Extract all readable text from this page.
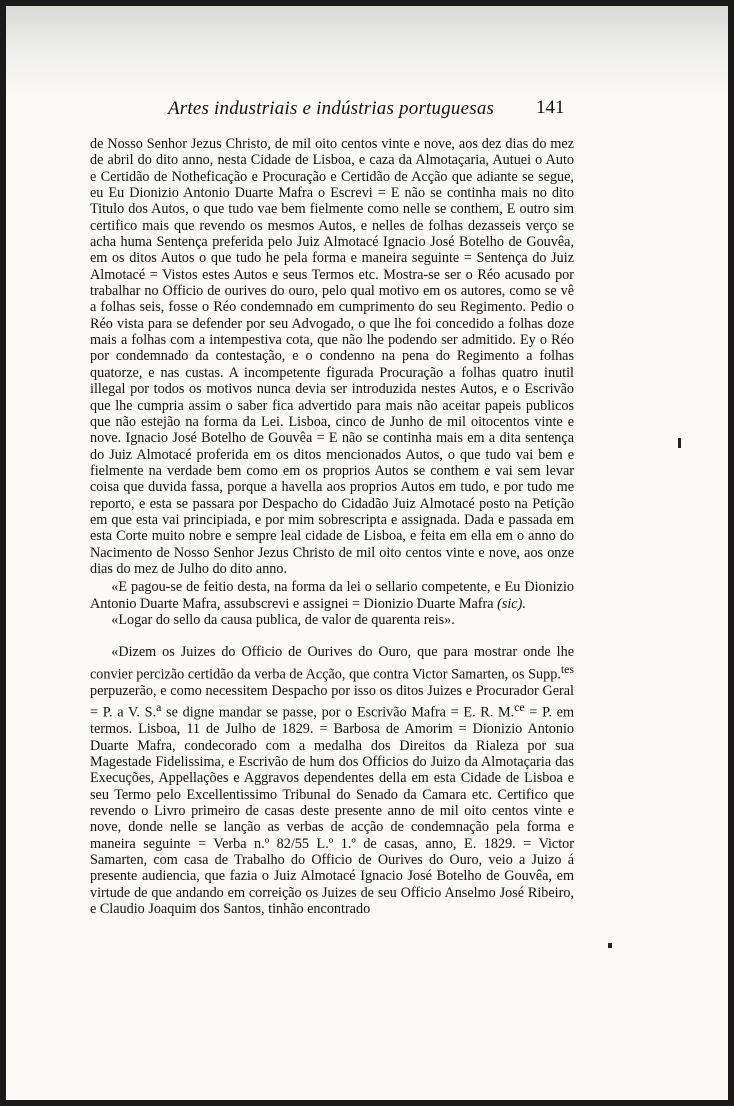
Artes industriais e indústrias portuguesas	141

de Nosso Senhor Jezus Christo, de mil oito centos vinte e nove, aos dez dias do mez de abril do dito anno, nesta Cidade de Lisboa, e caza da Almotaçaria, Autuei o Auto e Certidão de Notheficação e Procuração e Certidão de Acção que adiante se segue, eu Eu Dionizio Antonio Duarte Mafra o Escrevi = E não se continha mais no dito Titulo dos Autos, o que tudo vae bem fielmente como nelle se conthem, E outro sim certifico mais que revendo os mesmos Autos, e nelles de folhas dezasseis verço se acha huma Sentença preferida pelo Juiz Almotacé Ignacio José Botelho de Gouvêa, em os ditos Autos o que tudo he pela forma e maneira seguinte = Sentença do Juiz Almotacé = Vistos estes Autos e seus Termos etc. Mostra-se ser o Réo acusado por trabalhar no Officio de ourives do ouro, pelo qual motivo em os autores, como se vê a folhas seis, fosse o Réo condemnado em cumprimento do seu Regimento. Pedio o Réo vista para se defender por seu Advogado, o que lhe foi concedido a folhas doze mais a folhas com a intempestiva cota, que não lhe podendo ser admitido. Ey o Réo por condemnado da contestação, e o condenno na pena do Regimento a folhas quatorze, e nas custas. A incompetente figurada Procuração a folhas quatro inutil illegal por todos os motivos nunca devia ser introduzida nestes Autos, e o Escrivão que lhe cumpria assim o saber fica advertido para mais não aceitar papeis publicos que não estejão na forma da Lei. Lisboa, cinco de Junho de mil oitocentos vinte e nove. Ignacio José Botelho de Gouvêa = E não se continha mais em a dita sentença do Juiz Almotacé proferida em os ditos mencionados Autos, o que tudo vai bem e fielmente na verdade bem como em os proprios Autos se conthem e vai sem levar coisa que duvida fassa, porque a havella aos proprios Autos em tudo, e por tudo me reporto, e esta se passara por Despacho do Cidadão Juiz Almotacé posto na Petição em que esta vai principiada, e por mim sobrescripta e assignada. Dada e passada em esta Corte muito nobre e sempre leal cidade de Lisboa, e feita em ella em o anno do Nacimento de Nosso Senhor Jezus Christo de mil oito centos vinte e nove, aos onze dias do mez de Julho do dito anno.

«E pagou-se de feitio desta, na forma da lei o sellario competente, e Eu Dionizio Antonio Duarte Mafra, assubscrevi e assignei = Dionizio Duarte Mafra (sic).

«Logar do sello da causa publica, de valor de quarenta reis».

«Dizem os Juizes do Officio de Ourives do Ouro, que para mostrar onde lhe convier percizão certidão da verba de Acção, que contra Victor Samarten, os Supp.$^{tes}$ perpuzerão, e como necessitem Despacho por isso os ditos Juizes e Procurador Geral = P. a V. S.$^a$ se digne mandar se passe, por o Escrivão Mafra = E. R. M.$^{ce}$ = P. em termos. Lisboa, 11 de Julho de 1829. = Barbosa de Amorim = Dionizio Antonio Duarte Mafra, condecorado com a medalha dos Direitos da Rialeza por sua Magestade Fidelissima, e Escrivão de hum dos Officios do Juizo da Almotaçaria das Execuções, Appellações e Aggravos dependentes della em esta Cidade de Lisboa e seu Termo pelo Excellentissimo Tribunal do Senado da Camara etc. Certifico que revendo o Livro primeiro de casas deste presente anno de mil oito centos vinte e nove, donde nelle se lanção as verbas de acção de condemnação pela forma e maneira seguinte = Verba n.º 82/55 L.º 1.º de casas, anno, E. 1829. = Victor Samarten, com casa de Trabalho do Officio de Ourives do Ouro, veio a Juizo á presente audiencia, que fazia o Juiz Almotacé Ignacio José Botelho de Gouvêa, em virtude de que andando em correição os Juizes de seu Officio Anselmo José Ribeiro, e Claudio Joaquim dos Santos, tinhão encontrado
